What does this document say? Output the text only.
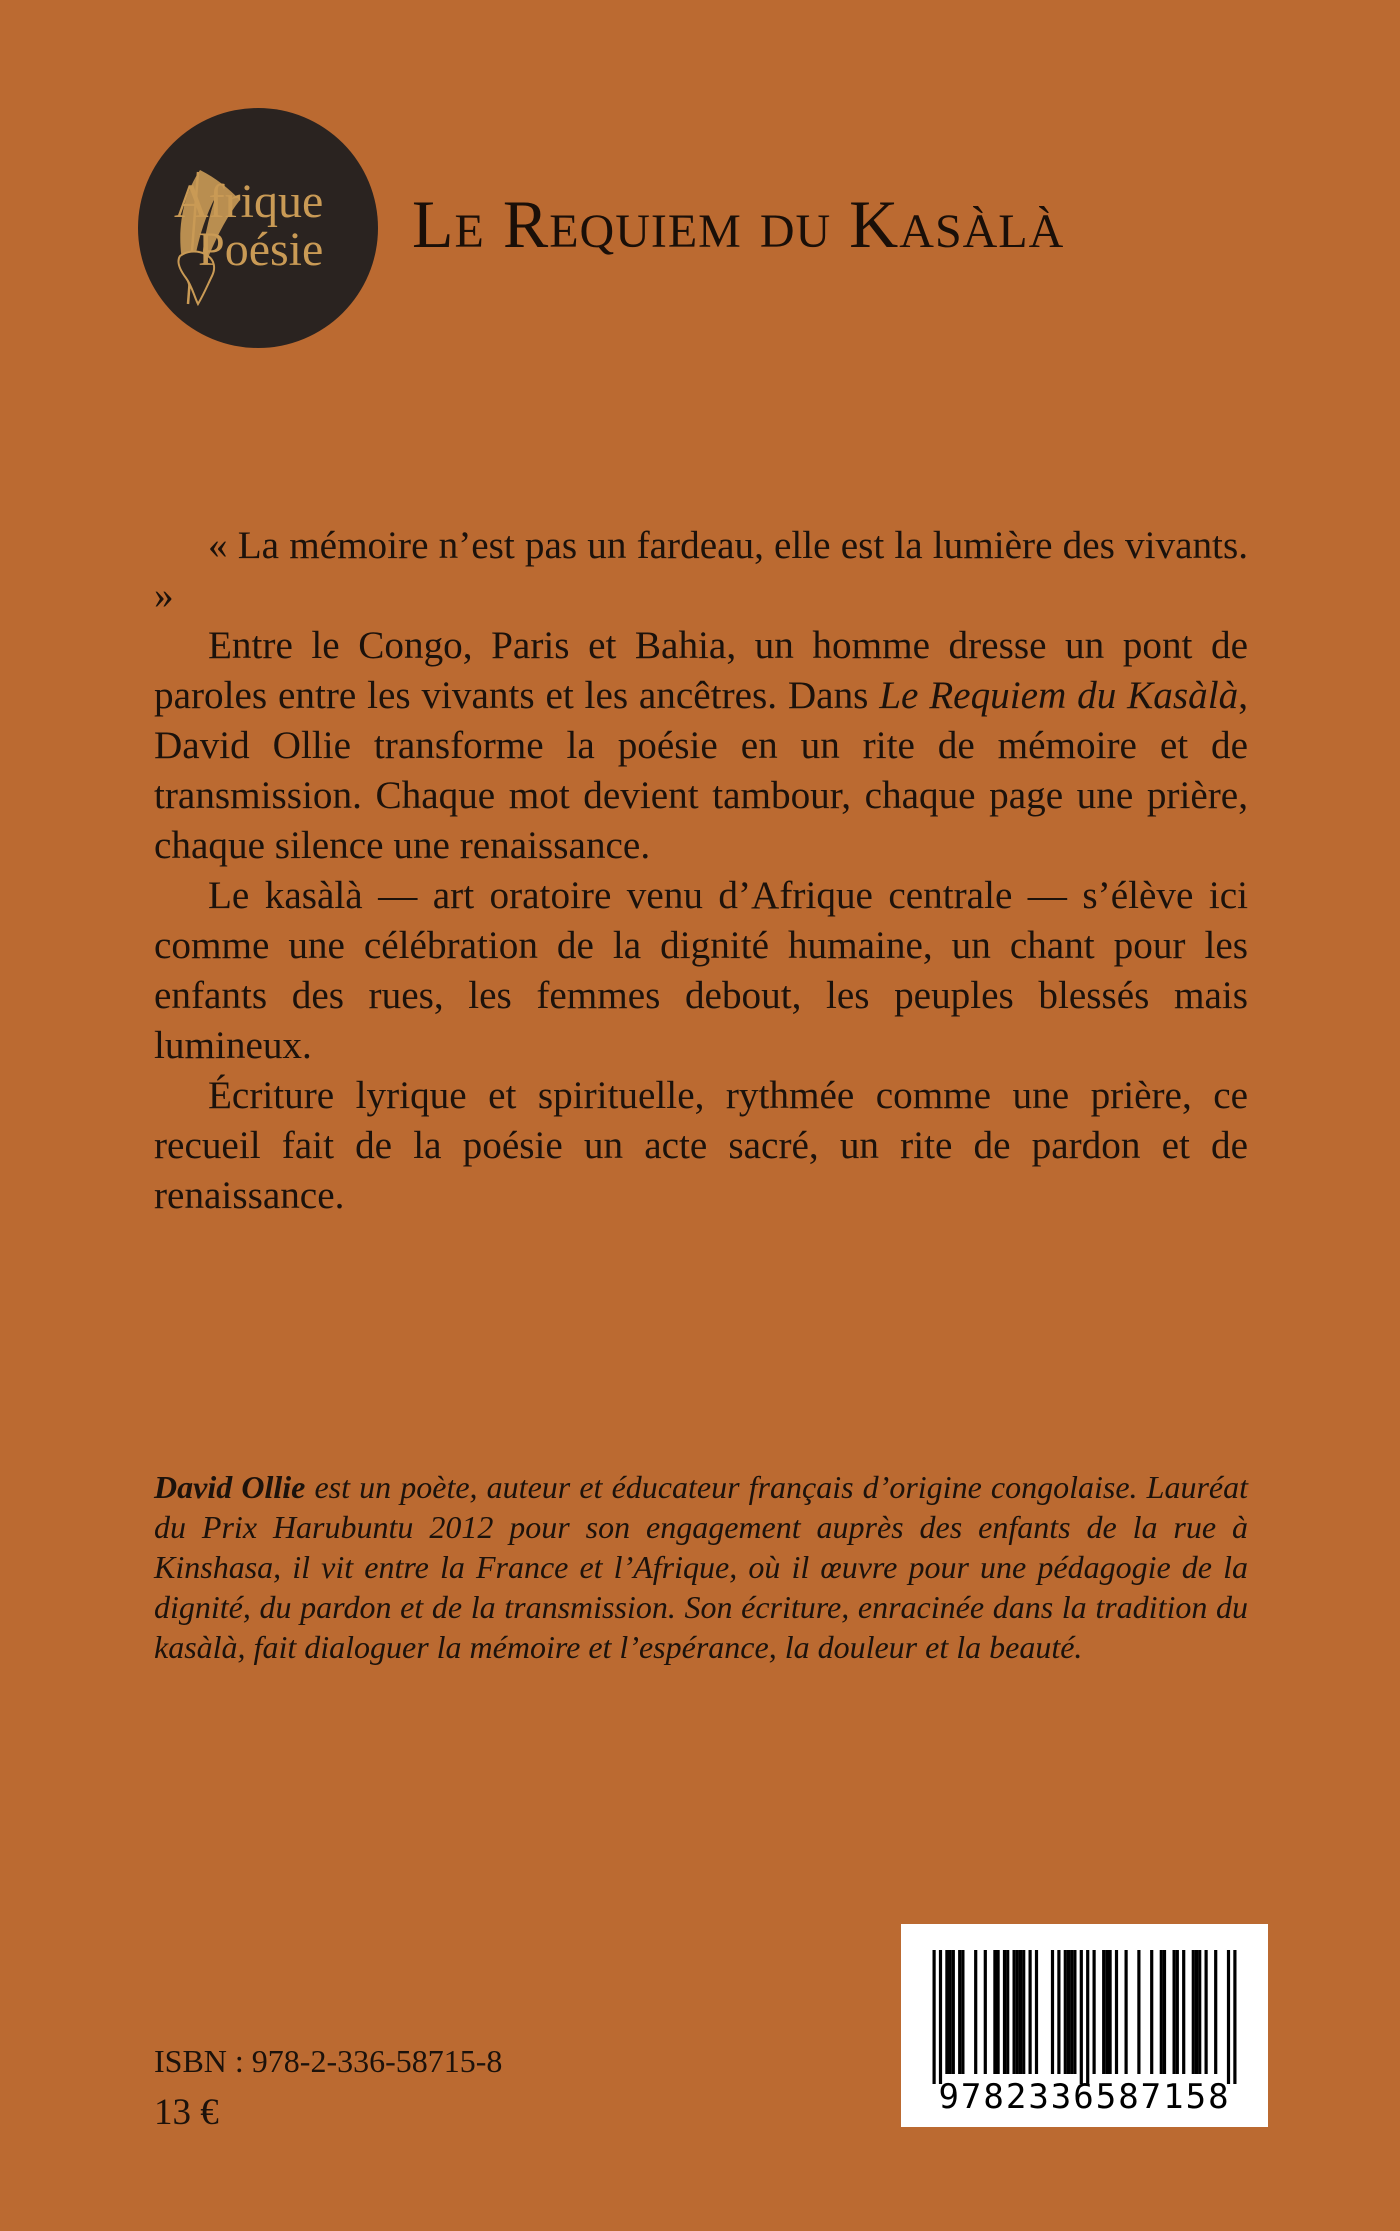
Afrique
Poésie Le Requiem du Kasàlà

« La mémoire n’est pas un fardeau, elle est la lumière des vivants. »

Entre le Congo, Paris et Bahia, un homme dresse un pont de paroles entre les vivants et les ancêtres. Dans Le Requiem du Kasàlà, David Ollie transforme la poésie en un rite de mémoire et de transmission. Chaque mot devient tambour, chaque page une prière, chaque silence une renaissance.

Le kasàlà — art oratoire venu d’Afrique centrale — s’élève ici comme une célébration de la dignité humaine, un chant pour les enfants des rues, les femmes debout, les peuples blessés mais lumineux.

Écriture lyrique et spirituelle, rythmée comme une prière, ce recueil fait de la poésie un acte sacré, un rite de pardon et de renaissance.

David Ollie est un poète, auteur et éducateur français d’origine congolaise. Lauréat du Prix Harubuntu 2012 pour son engagement auprès des enfants de la rue à Kinshasa, il vit entre la France et l’Afrique, où il œuvre pour une pédagogie de la dignité, du pardon et de la transmission. Son écriture, enracinée dans la tradition du kasàlà, fait dialoguer la mémoire et l’espérance, la douleur et la beauté.

ISBN : 978-2-336-58715-8
13 €	9782336587158
